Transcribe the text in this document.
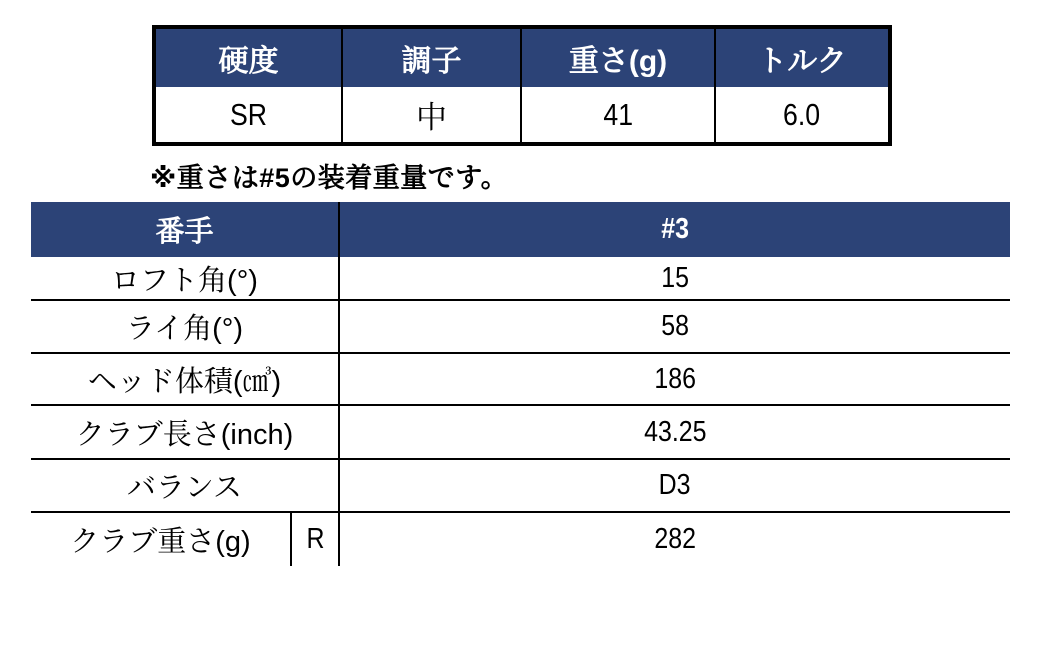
硬度	調子	重さ(g)	トルク
SR	中	41	6.0
※重さは#5の装着重量です。
番手	#3
ロフト角(°)	15
ライ角(°)	58
ヘッド体積(㎤)	186
クラブ長さ(inch)	43.25
バランス	D3
クラブ重さ(g)	R	282
